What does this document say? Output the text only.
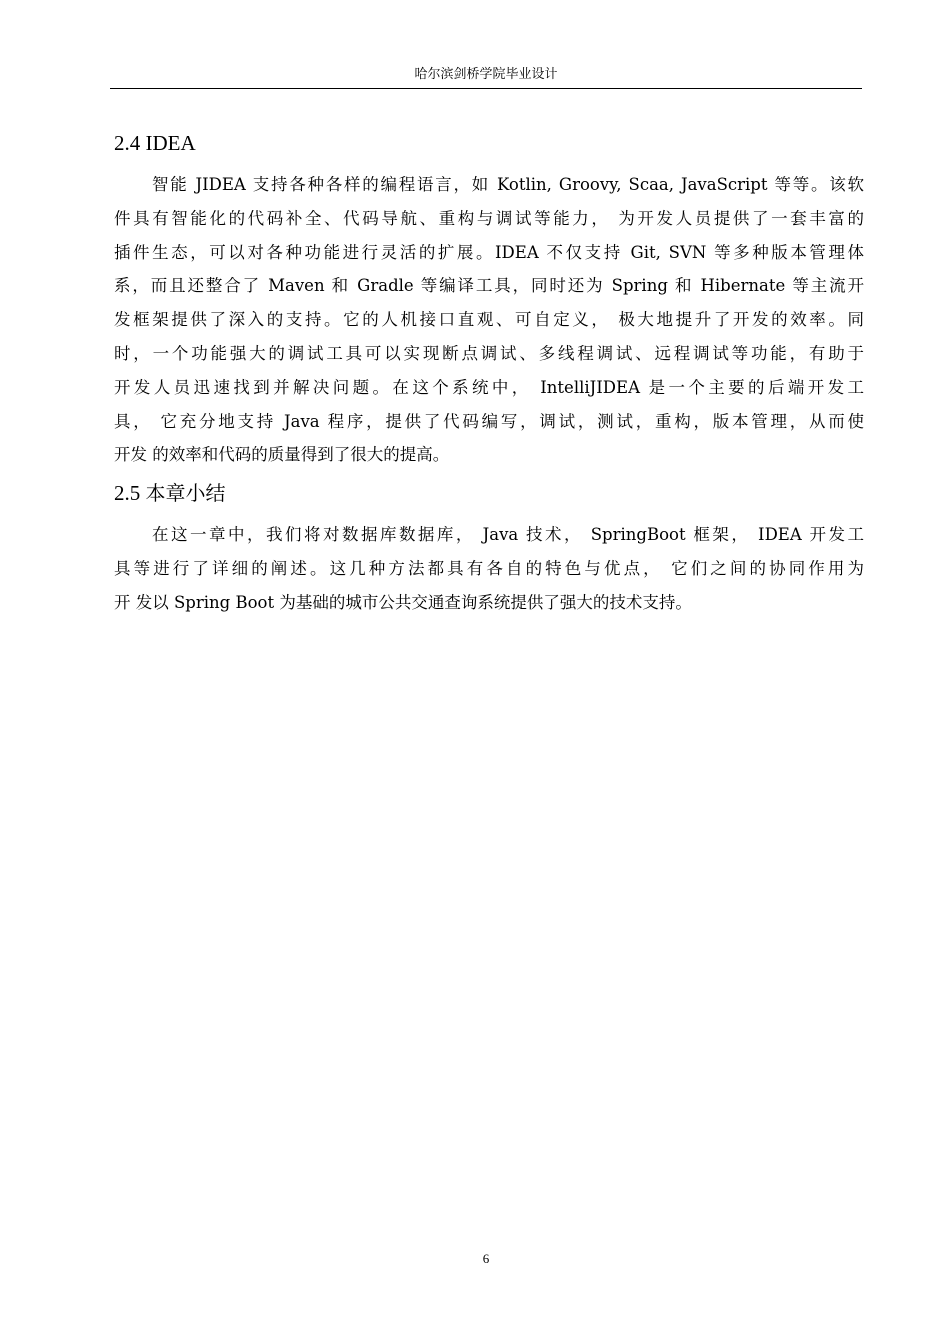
哈尔滨剑桥学院毕业设计
2.4 IDEA
智能 JIDEA 支持各种各样的编程语言，如 Kotlin, Groovy, Scaa, JavaScript 等等。该软
件具有智能化的代码补全、代码导航、重构与调试等能力， 为开发人员提供了一套丰富的
插件生态，可以对各种功能进行灵活的扩展。IDEA 不仅支持 Git, SVN 等多种版本管理体
系，而且还整合了 Maven 和 Gradle 等编译工具，同时还为 Spring 和 Hibernate 等主流开
发框架提供了深入的支持。它的人机接口直观、可自定义， 极大地提升了开发的效率。同
时，一个功能强大的调试工具可以实现断点调试、多线程调试、远程调试等功能，有助于
开发人员迅速找到并解决问题。在这个系统中， IntelliJIDEA 是一个主要的后端开发工
具， 它充分地支持 Java 程序，提供了代码编写，调试，测试，重构，版本管理，从而使
开发 的效率和代码的质量得到了很大的提高。
2.5 本章小结
在这一章中，我们将对数据库数据库， Java 技术， SpringBoot 框架， IDEA 开发工
具等进行了详细的阐述。这几种方法都具有各自的特色与优点， 它们之间的协同作用为
开 发以 Spring Boot 为基础的城市公共交通查询系统提供了强大的技术支持。
6
